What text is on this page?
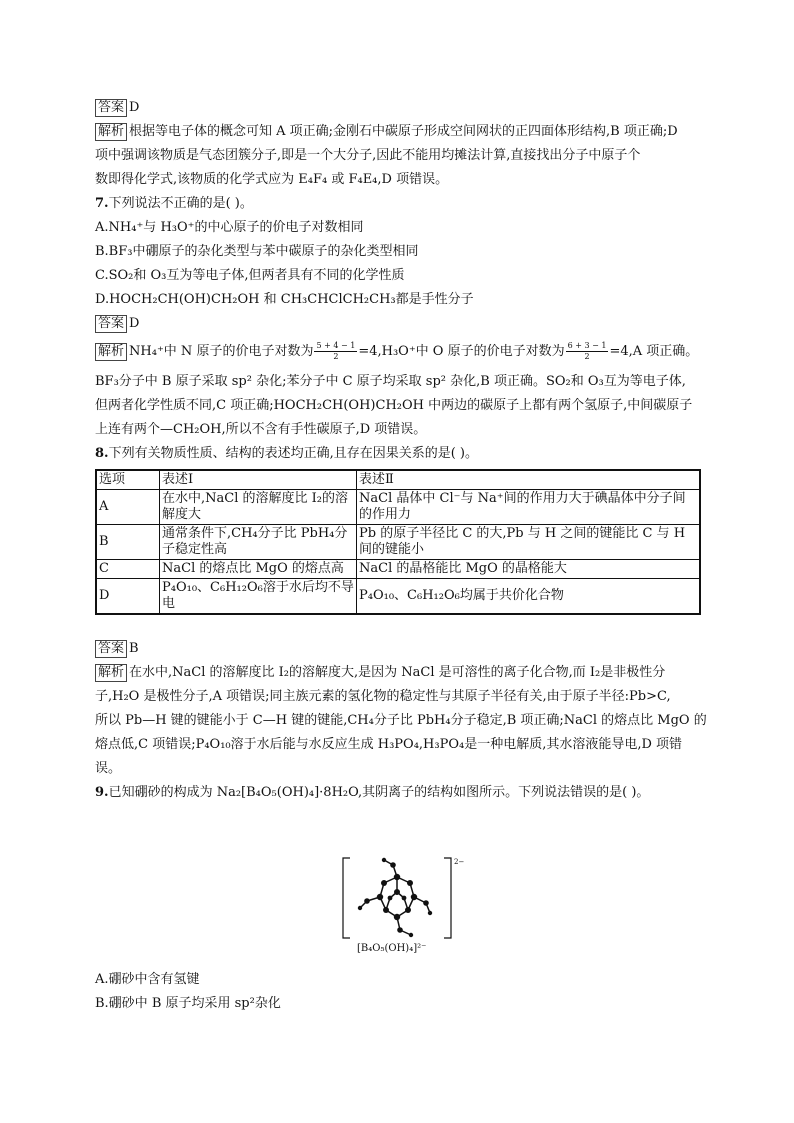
答案 D
解析 根据等电子体的概念可知 A 项正确;金刚石中碳原子形成空间网状的正四面体形结构,B 项正确;D
项中强调该物质是气态团簇分子,即是一个大分子,因此不能用均摊法计算,直接找出分子中原子个
数即得化学式,该物质的化学式应为 E₄F₄ 或 F₄E₄,D 项错误。
7.下列说法不正确的是( )。
A.NH₄⁺与 H₃O⁺的中心原子的价电子对数相同
B.BF₃中硼原子的杂化类型与苯中碳原子的杂化类型相同
C.SO₂和 O₃互为等电子体,但两者具有不同的化学性质
D.HOCH₂CH(OH)CH₂OH 和 CH₃CHClCH₂CH₃都是手性分子
答案 D
解析 NH₄⁺中 N 原子的价电子对数为 $\frac{5 + 4 - 1}{2} =4,H_3O^+$中 O 原子的价电子对数为 $\frac{6 + 3 - 1}{2} =4,A$ 项正确。
BF₃分子中 B 原子采取 sp² 杂化;苯分子中 C 原子均采取 sp² 杂化,B 项正确。SO₂和 O₃互为等电子体,
但两者化学性质不同,C 项正确;HOCH₂CH(OH)CH₂OH 中两边的碳原子上都有两个氢原子,中间碳原子
上连有两个—CH₂OH,所以不含有手性碳原子,D 项错误。
8.下列有关物质性质、结构的表述均正确,且存在因果关系的是( )。
选项	表述Ⅰ	表述Ⅱ
A	在水中,NaCl 的溶解度比 I₂的溶解度大	NaCl 晶体中 Cl⁻与 Na⁺间的作用力大于碘晶体中分子间的作用力
B	通常条件下,CH₄分子比 PbH₄分子稳定性高	Pb 的原子半径比 C 的大,Pb 与 H 之间的键能比 C 与 H 间的键能小
C	NaCl 的熔点比 MgO 的熔点高	NaCl 的晶格能比 MgO 的晶格能大
D	P₄O₁₀、C₆H₁₂O₆溶于水后均不导电	P₄O₁₀、C₆H₁₂O₆均属于共价化合物
答案 B
解析 在水中,NaCl 的溶解度比 I₂的溶解度大,是因为 NaCl 是可溶性的离子化合物,而 I₂是非极性分
子,H₂O 是极性分子,A 项错误;同主族元素的氢化物的稳定性与其原子半径有关,由于原子半径:Pb>C,
所以 Pb—H 键的键能小于 C—H 键的键能,CH₄分子比 PbH₄分子稳定,B 项正确;NaCl 的熔点比 MgO 的
熔点低,C 项错误;P₄O₁₀溶于水后能与水反应生成 H₃PO₄,H₃PO₄是一种电解质,其水溶液能导电,D 项错
误。
9.已知硼砂的构成为 Na₂[B₄O₅(OH)₄]·8H₂O,其阴离子的结构如图所示。下列说法错误的是( )。
2−
[B₄O₅(OH)₄]²⁻
A.硼砂中含有氢键
B.硼砂中 B 原子均采用 sp²杂化
